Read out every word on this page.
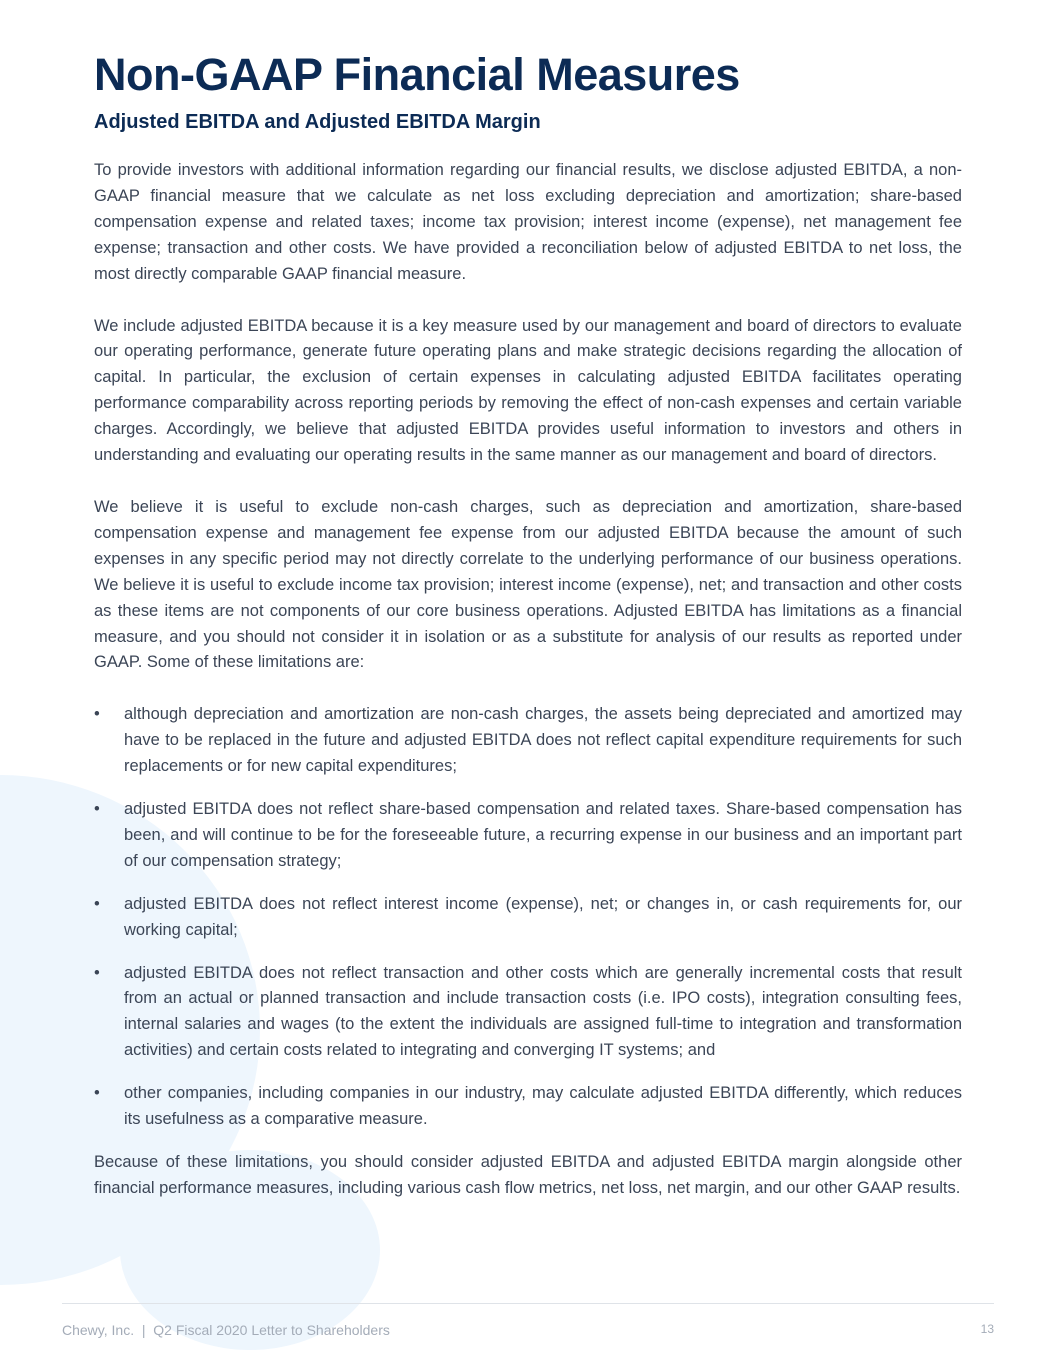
Non-GAAP Financial Measures
Adjusted EBITDA and Adjusted EBITDA Margin

To provide investors with additional information regarding our financial results, we disclose adjusted EBITDA, a non-GAAP financial measure that we calculate as net loss excluding depreciation and amortization; share-based compensation expense and related taxes; income tax provision; interest income (expense), net management fee expense; transaction and other costs. We have provided a reconciliation below of adjusted EBITDA to net loss, the most directly comparable GAAP financial measure.

We include adjusted EBITDA because it is a key measure used by our management and board of directors to evaluate our operating performance, generate future operating plans and make strategic decisions regarding the allocation of capital. In particular, the exclusion of certain expenses in calculating adjusted EBITDA facilitates operating performance comparability across reporting periods by removing the effect of non-cash expenses and certain variable charges. Accordingly, we believe that adjusted EBITDA provides useful information to investors and others in understanding and evaluating our operating results in the same manner as our management and board of directors.

We believe it is useful to exclude non-cash charges, such as depreciation and amortization, share-based compensation expense and management fee expense from our adjusted EBITDA because the amount of such expenses in any specific period may not directly correlate to the underlying performance of our business operations. We believe it is useful to exclude income tax provision; interest income (expense), net; and transaction and other costs as these items are not components of our core business operations. Adjusted EBITDA has limitations as a financial measure, and you should not consider it in isolation or as a substitute for analysis of our results as reported under GAAP. Some of these limitations are:

• although depreciation and amortization are non-cash charges, the assets being depreciated and amortized may have to be replaced in the future and adjusted EBITDA does not reflect capital expenditure requirements for such replacements or for new capital expenditures;
• adjusted EBITDA does not reflect share-based compensation and related taxes. Share-based compensation has been, and will continue to be for the foreseeable future, a recurring expense in our business and an important part of our compensation strategy;
• adjusted EBITDA does not reflect interest income (expense), net; or changes in, or cash requirements for, our working capital;
• adjusted EBITDA does not reflect transaction and other costs which are generally incremental costs that result from an actual or planned transaction and include transaction costs (i.e. IPO costs), integration consulting fees, internal salaries and wages (to the extent the individuals are assigned full-time to integration and transformation activities) and certain costs related to integrating and converging IT systems; and
• other companies, including companies in our industry, may calculate adjusted EBITDA differently, which reduces its usefulness as a comparative measure.

Because of these limitations, you should consider adjusted EBITDA and adjusted EBITDA margin alongside other financial performance measures, including various cash flow metrics, net loss, net margin, and our other GAAP results.

Chewy, Inc.  |  Q2 Fiscal 2020 Letter to Shareholders	13
